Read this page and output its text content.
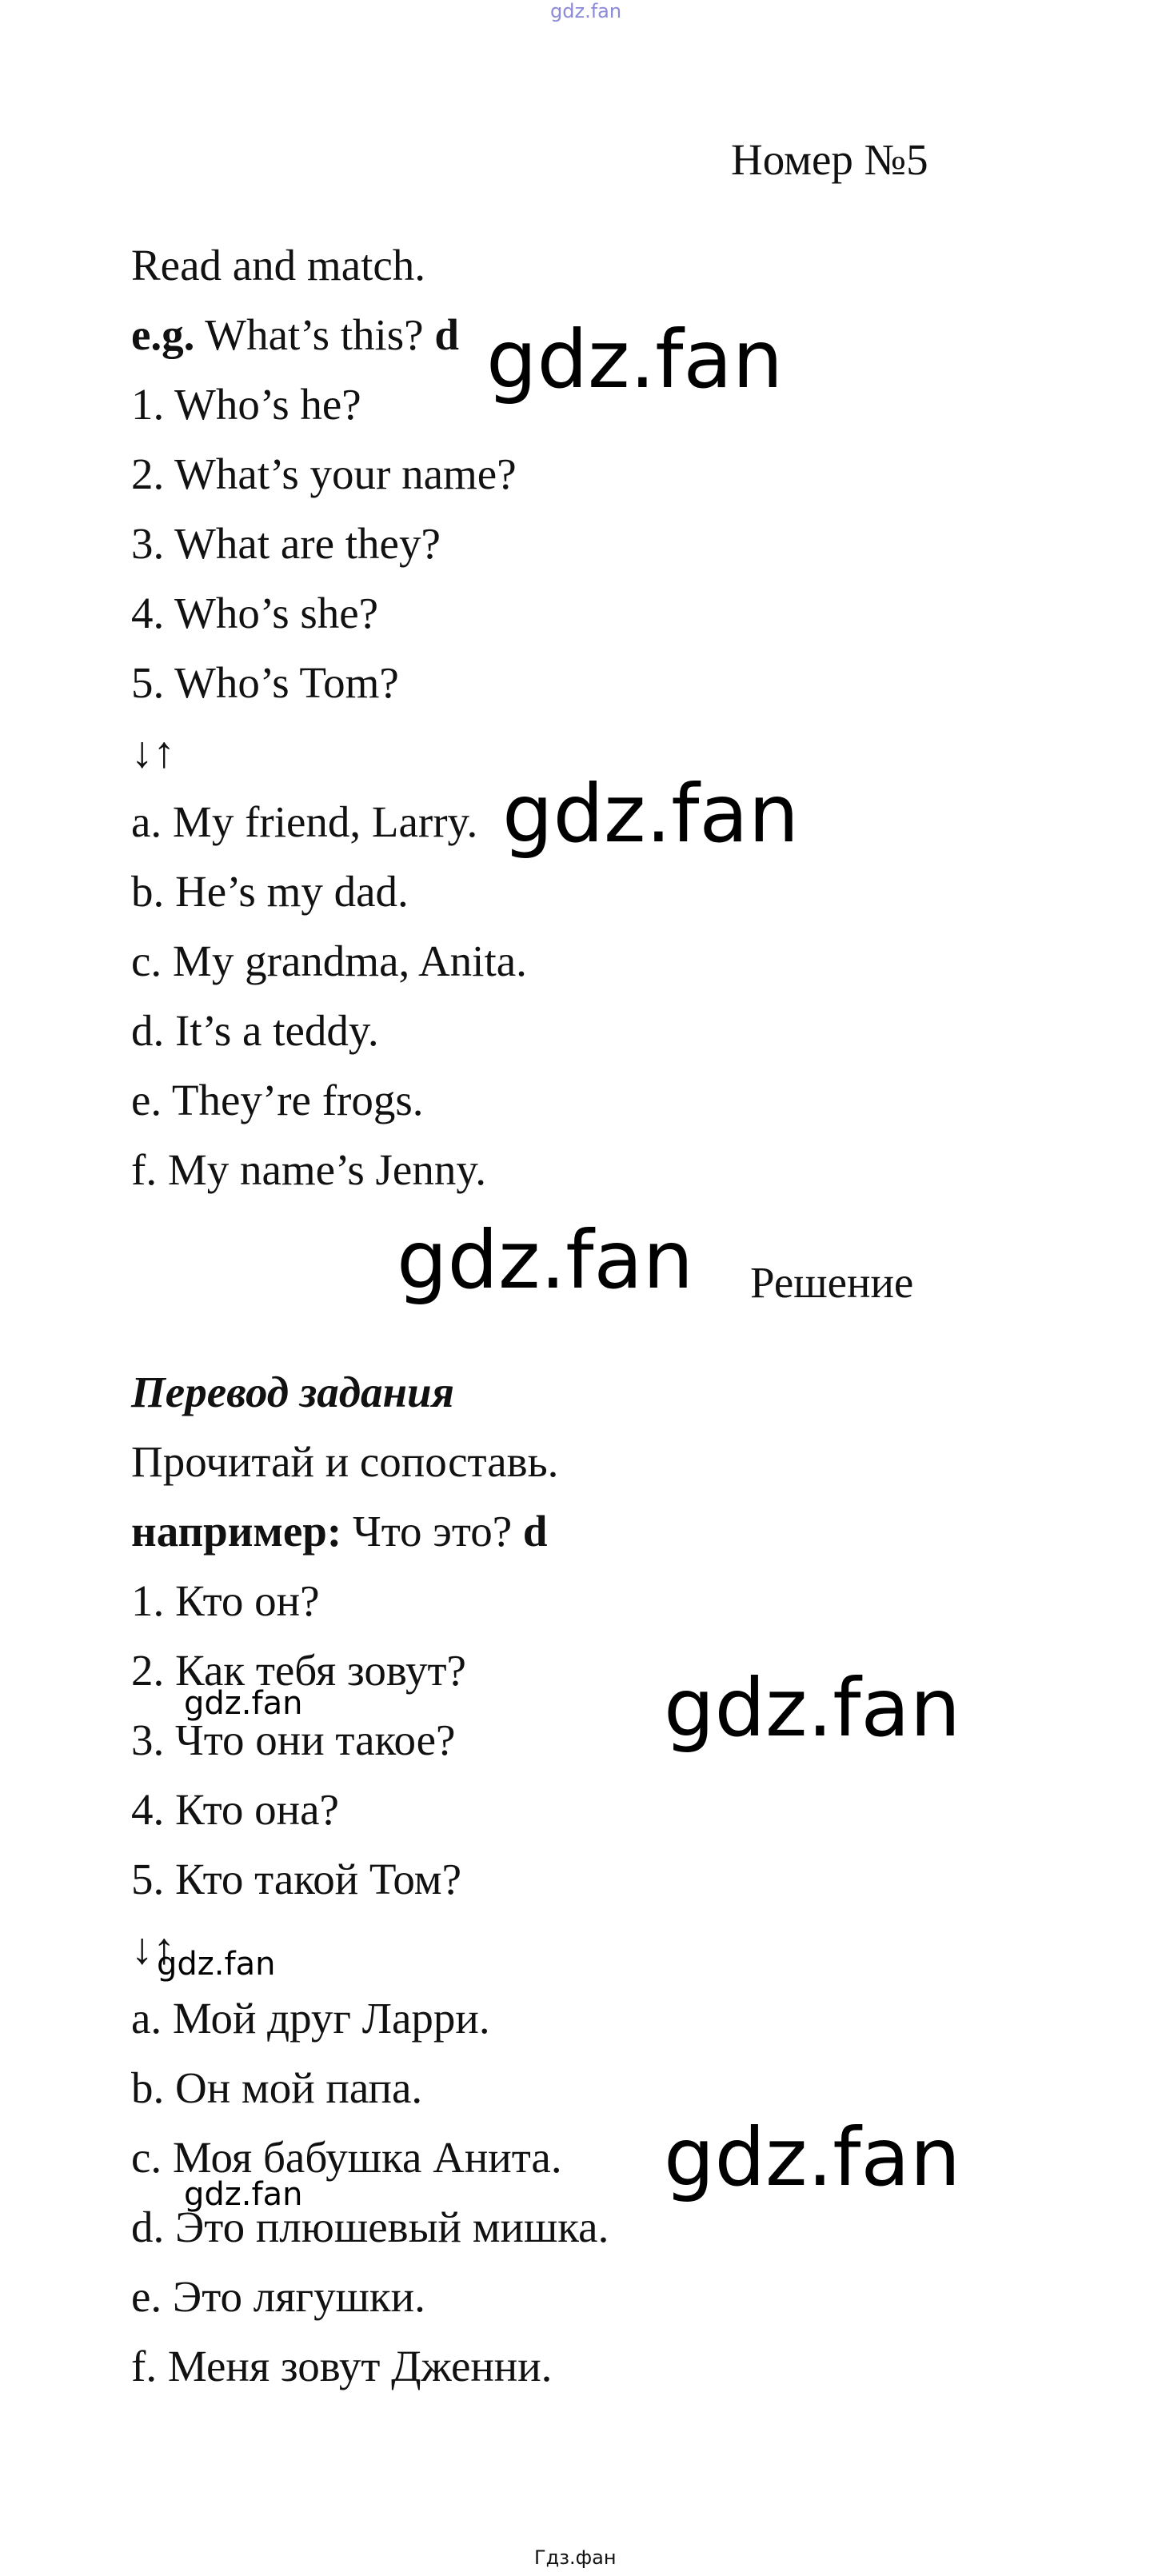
gdz.fan
Номер №5
Read and match.
e.g. What’s this? d
1. Who’s he?
2. What’s your name?
3. What are they?
4. Who’s she?
5. Who’s Tom?
↓↑
a. My friend, Larry.
b. He’s my dad.
c. My grandma, Anita.
d. It’s a teddy.
e. They’re frogs.
f. My name’s Jenny.
Решение
Перевод задания
Прочитай и сопоставь.
например: Что это? d
1. Кто он?
2. Как тебя зовут?
3. Что они такое?
4. Кто она?
5. Кто такой Том?
↓↑
a. Мой друг Ларри.
b. Он мой папа.
c. Моя бабушка Анита.
d. Это плюшевый мишка.
e. Это лягушки.
f. Меня зовут Дженни.
gdz.fan
gdz.fan
gdz.fan
gdz.fan
gdz.fan
gdz.fan
gdz.fan
gdz.fan
Гдз.фан
